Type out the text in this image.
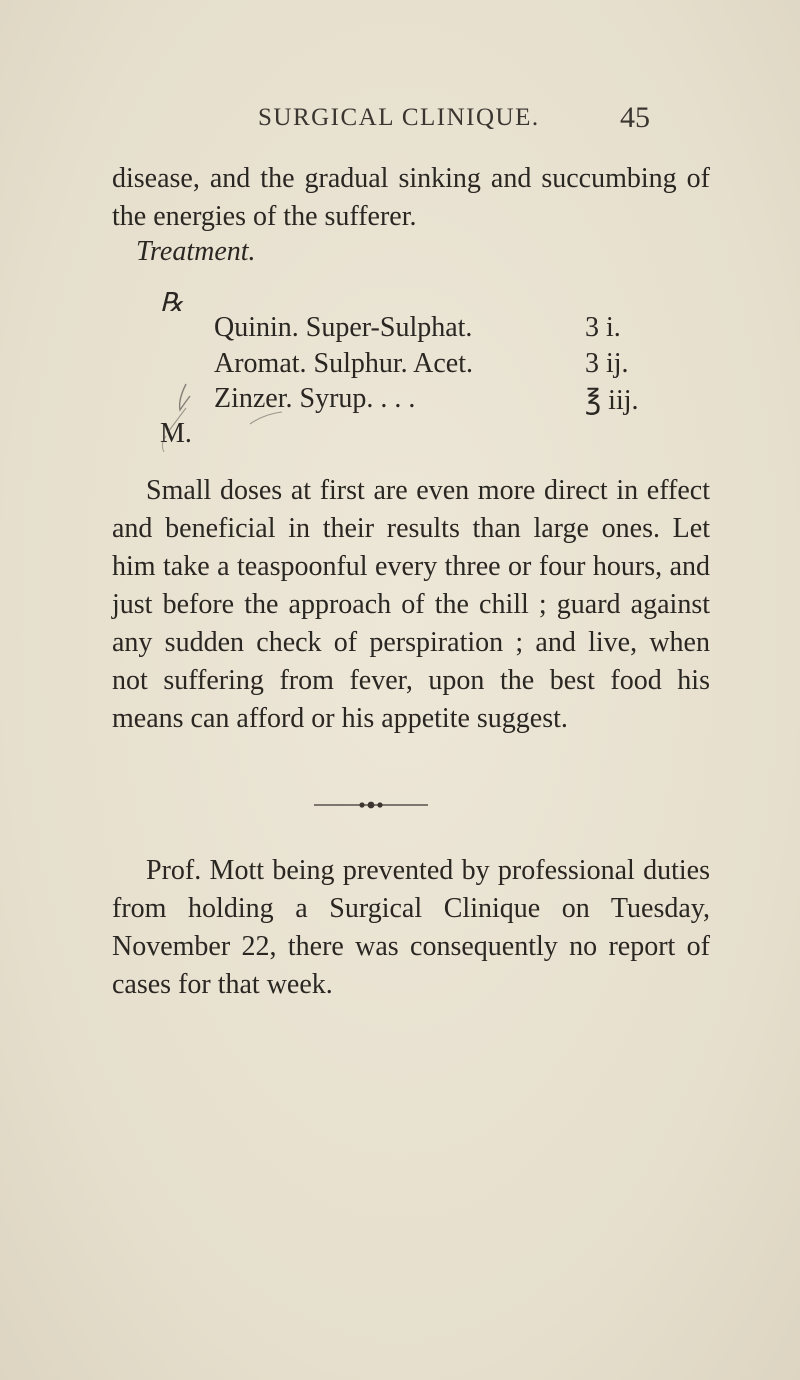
SURGICAL CLINIQUE.	45

disease, and the gradual sinking and succumbing of the energies of the sufferer.

Treatment.
℞
Quinin. Super-Sulphat.	3 i.
Aromat. Sulphur. Acet.	3 ij.
Zinzer. Syrup. . . .	℥ iij.
M.

Small doses at first are even more direct in effect and beneficial in their results than large ones. Let him take a teaspoonful every three or four hours, and just before the approach of the chill ; guard against any sudden check of perspiration ; and live, when not suffering from fever, upon the best food his means can afford or his appetite suggest.

Prof. Mott being prevented by professional duties from holding a Surgical Clinique on Tuesday, November 22, there was consequently no report of cases for that week.
